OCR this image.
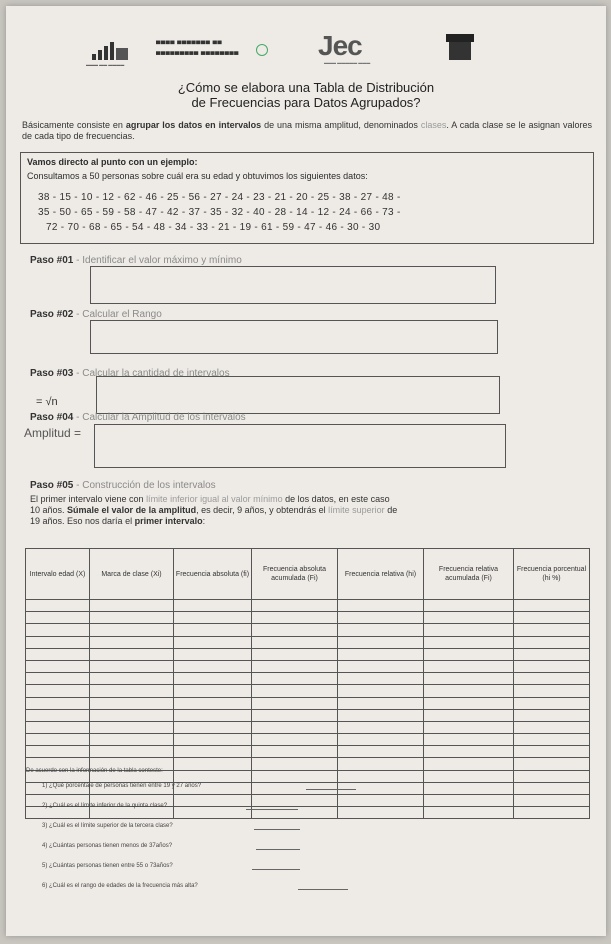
▬▬▬ ▬▬ ▬▬▬▬
▀▀▀▀ ▀▀▀▀▀▀▀ ▀▀
▄▄▄▄▄▄▄▄▄ ▄▄▄▄▄▄▄▄	Jec
▬▬▬ ▬▬▬▬▬ ▬▬▬
¿Cómo se elabora una Tabla de Distribución
de Frecuencias para Datos Agrupados?
Básicamente consiste en agrupar los datos en intervalos de una misma amplitud, denominados clases. A cada clase se le asignan valores de cada tipo de frecuencias.
Vamos directo al punto con un ejemplo:
Consultamos a 50 personas sobre cuál era su edad y obtuvimos los siguientes datos:
38 - 15 - 10 - 12 - 62 - 46 - 25 - 56 - 27 - 24 - 23 - 21 - 20 - 25 - 38 - 27 - 48 -
35 - 50 - 65 - 59 - 58 - 47 - 42 - 37 - 35 - 32 - 40 - 28 - 14 - 12 - 24 - 66 - 73 -
72 - 70 - 68 - 65 - 54 - 48 - 34 - 33 - 21 - 19 - 61 - 59 - 47 - 46 - 30 - 30
Paso #01 - Identificar el valor máximo y mínimo
Paso #02 - Calcular el Rango
Paso #03 - Calcular la cantidad de intervalos
= √n
Paso #04 - Calcular la Amplitud de los intervalos
Amplitud =
Paso #05 - Construcción de los intervalos
El primer intervalo viene con límite inferior igual al valor mínimo de los datos, en este caso
10 años. Súmale el valor de la amplitud, es decir, 9 años, y obtendrás el límite superior de
19 años. Eso nos daría el primer intervalo:
Intervalo edad (X)	Marca de clase (Xi)	Frecuencia absoluta (fi)	Frecuencia absoluta acumulada (Fi)	Frecuencia relativa (hi)	Frecuencia relativa acumulada (Fi)	Frecuencia porcentual (hi %)

De acuerdo con la información de la tabla conteste:
1) ¿Qué porcentaje de personas tienen entre 19 y 27 años?
2) ¿Cuál es el límite inferior de la quinta clase?
3) ¿Cuál es el límite superior de la tercera clase?
4) ¿Cuántas personas tienen menos de 37años?
5) ¿Cuántas personas tienen entre 55 o 73años?
6) ¿Cuál es el rango de edades de la frecuencia más alta?
